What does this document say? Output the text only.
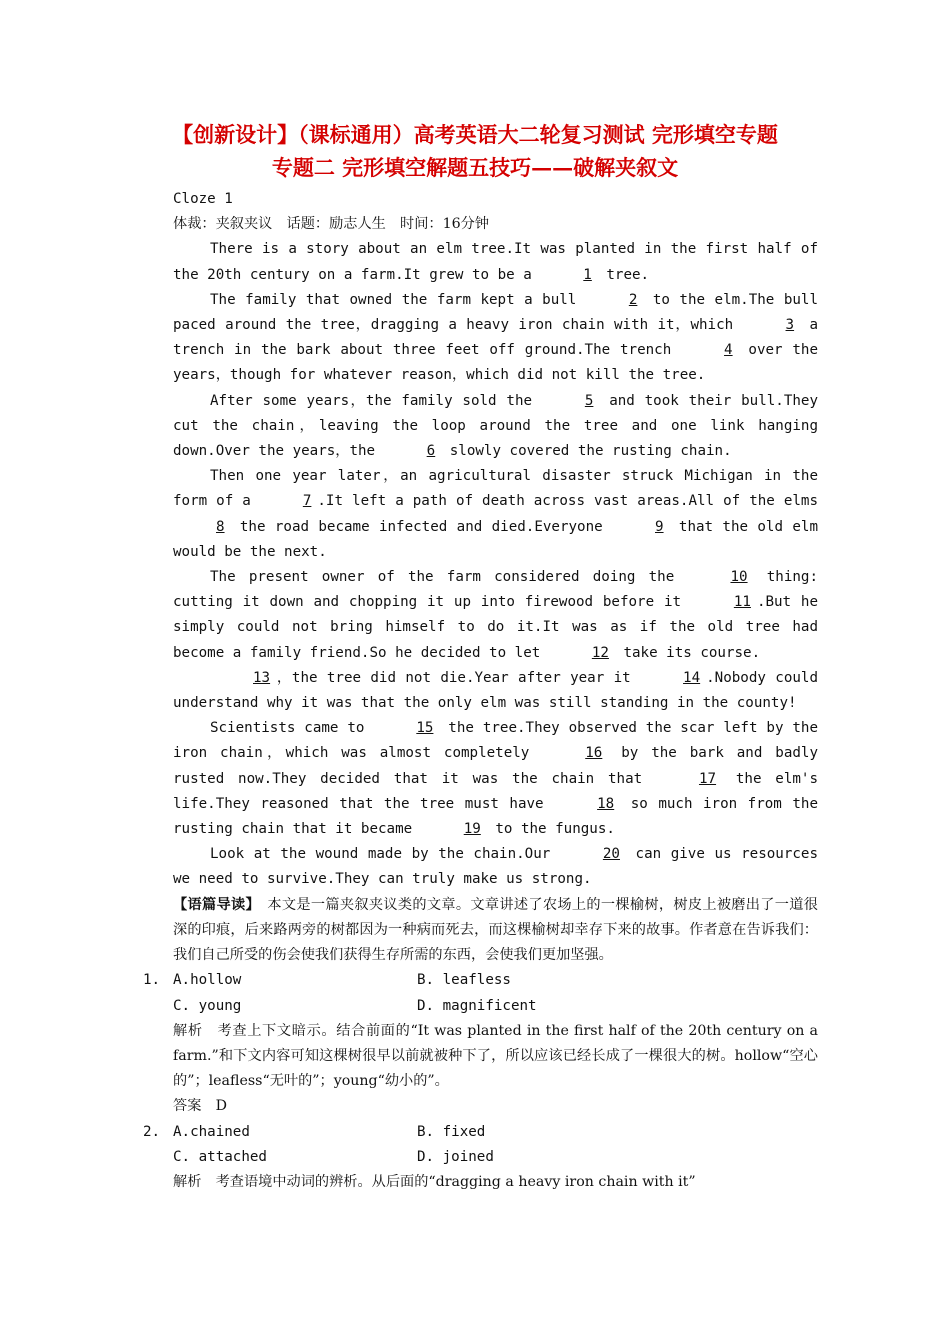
【创新设计】（课标通用）高考英语大二轮复习测试 完形填空专题
专题二 完形填空解题五技巧——破解夹叙文

Cloze 1

体裁：夹叙夹议　话题：励志人生　时间：16分钟

There is a story about an elm tree.It was planted in the first half of the 20th century on a farm.It grew to be a	1 tree.

The family that owned the farm kept a bull	2 to the elm.The bull paced around the tree，dragging a heavy iron chain with it，which	3 a trench in the bark about three feet off ground.The trench	4 over the years，though for whatever reason，which did not kill the tree.

After some years，the family sold the	5 and took their bull.They cut the chain，leaving the loop around the tree and one link hanging down.Over the years，the	6 slowly covered the rusting chain.

Then one year later，an agricultural disaster struck Michigan in the form of a	7 .It left a path of death across vast areas.All of the elms 8 the road became infected and died.Everyone	9 that the old elm would be the next.

The present owner of the farm considered doing the	10 thing: cutting it down and chopping it up into firewood before it	11 .But he simply could not bring himself to do it.It was as if the old tree had become a family friend.So he decided to let	12 take its course.

13 ，the tree did not die.Year after year it	14 .Nobody could understand why it was that the only elm was still standing in the county!

Scientists came to	15 the tree.They observed the scar left by the iron chain，which was almost completely	16 by the bark and badly rusted now.They decided that it was the chain that	17 the elm's life.They reasoned that the tree must have	18 so much iron from the rusting chain that it became	19 to the fungus.

Look at the wound made by the chain.Our	20 can give us resources we need to survive.They can truly make us strong.

【语篇导读】　本文是一篇夹叙夹议类的文章。文章讲述了农场上的一棵榆树，树皮上被磨出了一道很深的印痕，后来路两旁的树都因为一种病而死去，而这棵榆树却幸存下来的故事。作者意在告诉我们：我们自己所受的伤会使我们获得生存所需的东西，会使我们更加坚强。

1. A.hollow	B. leafless
C. young	D. magnificent

解析　考查上下文暗示。结合前面的“It was planted in the first half of the 20th century on a farm.”和下文内容可知这棵树很早以前就被种下了，所以应该已经长成了一棵很大的树。hollow“空心的”；leafless“无叶的”；young“幼小的”。

答案　D

2. A.chained	B. fixed
C. attached	D. joined

解析　考查语境中动词的辨析。从后面的“dragging a heavy iron chain with it”
